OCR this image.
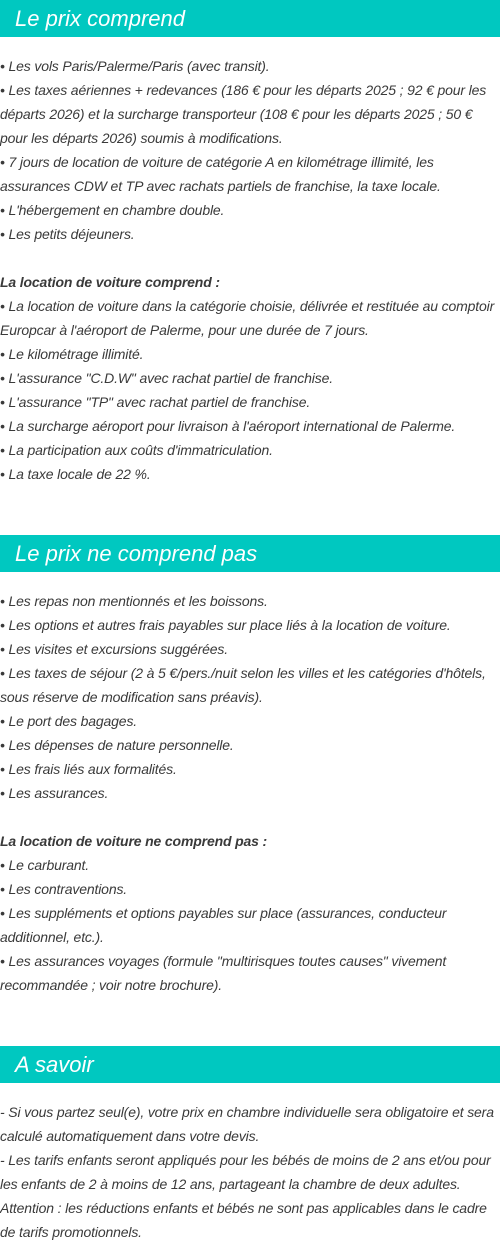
Le prix comprend

• Les vols Paris/Palerme/Paris (avec transit).

• Les taxes aériennes + redevances (186 € pour les départs 2025 ; 92 € pour les départs 2026) et la surcharge transporteur (108 € pour les départs 2025 ; 50 € pour les départs 2026) soumis à modifications.

• 7 jours de location de voiture de catégorie A en kilométrage illimité, les assurances CDW et TP avec rachats partiels de franchise, la taxe locale.

• L'hébergement en chambre double.

• Les petits déjeuners.

La location de voiture comprend :

• La location de voiture dans la catégorie choisie, délivrée et restituée au comptoir Europcar à l'aéroport de Palerme, pour une durée de 7 jours.

• Le kilométrage illimité.

• L'assurance "C.D.W" avec rachat partiel de franchise.

• L'assurance "TP" avec rachat partiel de franchise.

• La surcharge aéroport pour livraison à l'aéroport international de Palerme.

• La participation aux coûts d'immatriculation.

• La taxe locale de 22 %.

Le prix ne comprend pas

• Les repas non mentionnés et les boissons.

• Les options et autres frais payables sur place liés à la location de voiture.

• Les visites et excursions suggérées.

• Les taxes de séjour (2 à 5 €/pers./nuit selon les villes et les catégories d'hôtels, sous réserve de modification sans préavis).

• Le port des bagages.

• Les dépenses de nature personnelle.

• Les frais liés aux formalités.

• Les assurances.

La location de voiture ne comprend pas :

• Le carburant.

• Les contraventions.

• Les suppléments et options payables sur place (assurances, conducteur additionnel, etc.).

• Les assurances voyages (formule "multirisques toutes causes" vivement recommandée ; voir notre brochure).

A savoir

- Si vous partez seul(e), votre prix en chambre individuelle sera obligatoire et sera calculé automatiquement dans votre devis.

- Les tarifs enfants seront appliqués pour les bébés de moins de 2 ans et/ou pour les enfants de 2 à moins de 12 ans, partageant la chambre de deux adultes.

Attention : les réductions enfants et bébés ne sont pas applicables dans le cadre de tarifs promotionnels.
